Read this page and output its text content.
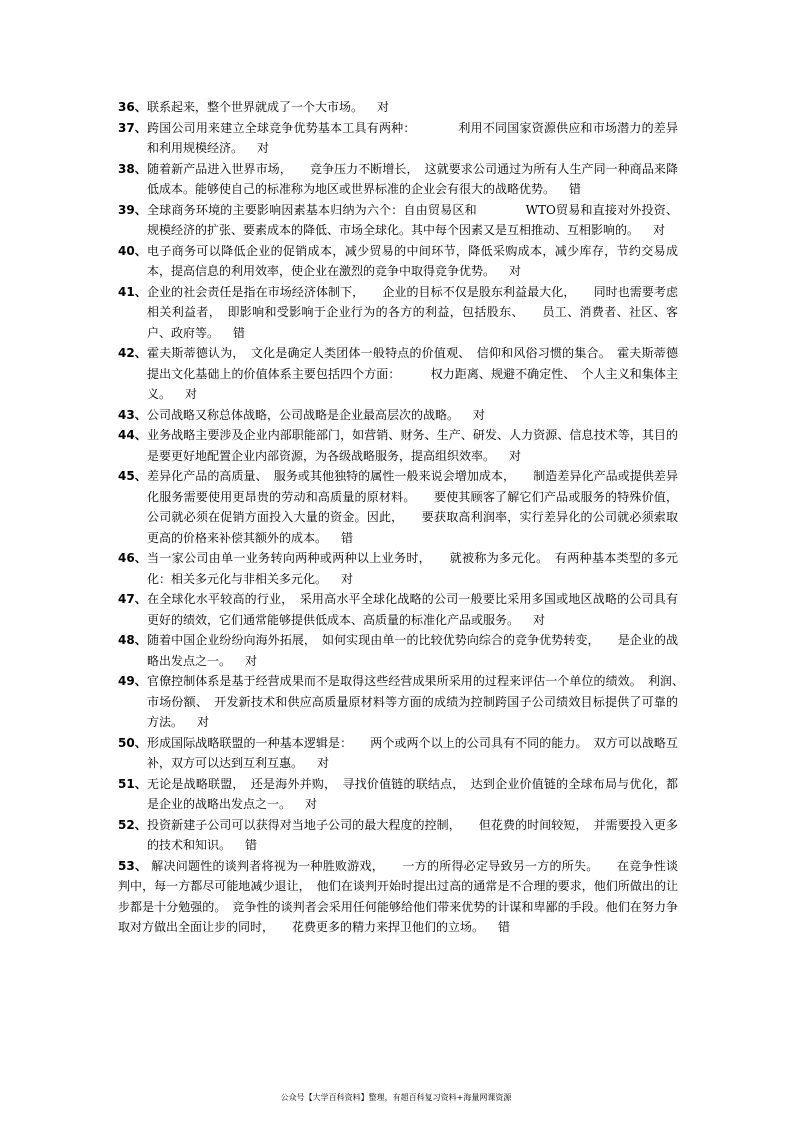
36、 联系起来，整个世界就成了一个大市场。 对
37、 跨国公司用来建立全球竞争优势基本工具有两种：　　　　利用不同国家资源供应和市场潜力的差异和利用规模经济。 对
38、 随着新产品进入世界市场，　　竞争压力不断增长，　这就要求公司通过为所有人生产同一种商品来降低成本。能够使自己的标准称为地区或世界标准的企业会有很大的战略优势。 错
39、 全球商务环境的主要影响因素基本归纳为六个：自由贸易区和　　　　WTO贸易和直接对外投资、规模经济的扩张、要素成本的降低、市场全球化。其中每个因素又是互相推动、互相影响的。 对
40、 电子商务可以降低企业的促销成本，减少贸易的中间环节，降低采购成本，减少库存，节约交易成本，提高信息的利用效率，使企业在激烈的竞争中取得竞争优势。 对
41、 企业的社会责任是指在市场经济体制下，　　企业的目标不仅是股东利益最大化，　　同时也需要考虑相关利益者，　即影响和受影响于企业行为的各方的利益，包括股东、　　员工、消费者、社区、客户、政府等。 错
42、 霍夫斯蒂德认为，　文化是确定人类团体一般特点的价值观、　信仰和风俗习惯的集合。　霍夫斯蒂德提出文化基础上的价值体系主要包括四个方面：　　　权力距离、规避不确定性、　个人主义和集体主义。 对
43、 公司战略又称总体战略，公司战略是企业最高层次的战略。 对
44、 业务战略主要涉及企业内部职能部门，如营销、财务、生产、研发、人力资源、信息技术等，其目的是要更好地配置企业内部资源，为各级战略服务，提高组织效率。 对
45、 差异化产品的高质量、　服务或其他独特的属性一般来说会增加成本，　　制造差异化产品或提供差异化服务需要使用更昂贵的劳动和高质量的原材料。　　要使其顾客了解它们产品或服务的特殊价值，公司就必须在促销方面投入大量的资金。因此，　　要获取高利润率，实行差异化的公司就必须索取更高的价格来补偿其额外的成本。 错
46、 当一家公司由单一业务转向两种或两种以上业务时，　　就被称为多元化。　有两种基本类型的多元化：相关多元化与非相关多元化。 对
47、 在全球化水平较高的行业，　采用高水平全球化战略的公司一般要比采用多国或地区战略的公司具有更好的绩效，它们通常能够提供低成本、高质量的标准化产品或服务。 对
48、 随着中国企业纷纷向海外拓展，　如何实现由单一的比较优势向综合的竞争优势转变，　　是企业的战略出发点之一。 对
49、 官僚控制体系是基于经营成果而不是取得这些经营成果所采用的过程来评估一个单位的绩效。　利润、　市场份额、　开发新技术和供应高质量原材料等方面的成绩为控制跨国子公司绩效目标提供了可靠的方法。 对
50、 形成国际战略联盟的一种基本逻辑是：　　两个或两个以上的公司具有不同的能力。　双方可以战略互补，双方可以达到互利互惠。 对
51、 无论是战略联盟，　还是海外并购，　寻找价值链的联结点，　达到企业价值链的全球布局与优化，都是企业的战略出发点之一。 对
52、 投资新建子公司可以获得对当地子公司的最大程度的控制，　　但花费的时间较短，　并需要投入更多的技术和知识。 错
53、 解决问题性的谈判者将视为一种胜败游戏，　　一方的所得必定导致另一方的所失。　　在竞争性谈判中，每一方都尽可能地减少退让，　他们在谈判开始时提出过高的通常是不合理的要求，他们所做出的让步都是十分勉强的。　竞争性的谈判者会采用任何能够给他们带来优势的计谋和卑鄙的手段。他们在努力争取对方做出全面让步的同时，　　花费更多的精力来捍卫他们的立场。 错
公众号【大学百科资料】整理，有超百科复习资料+海量网课资源
